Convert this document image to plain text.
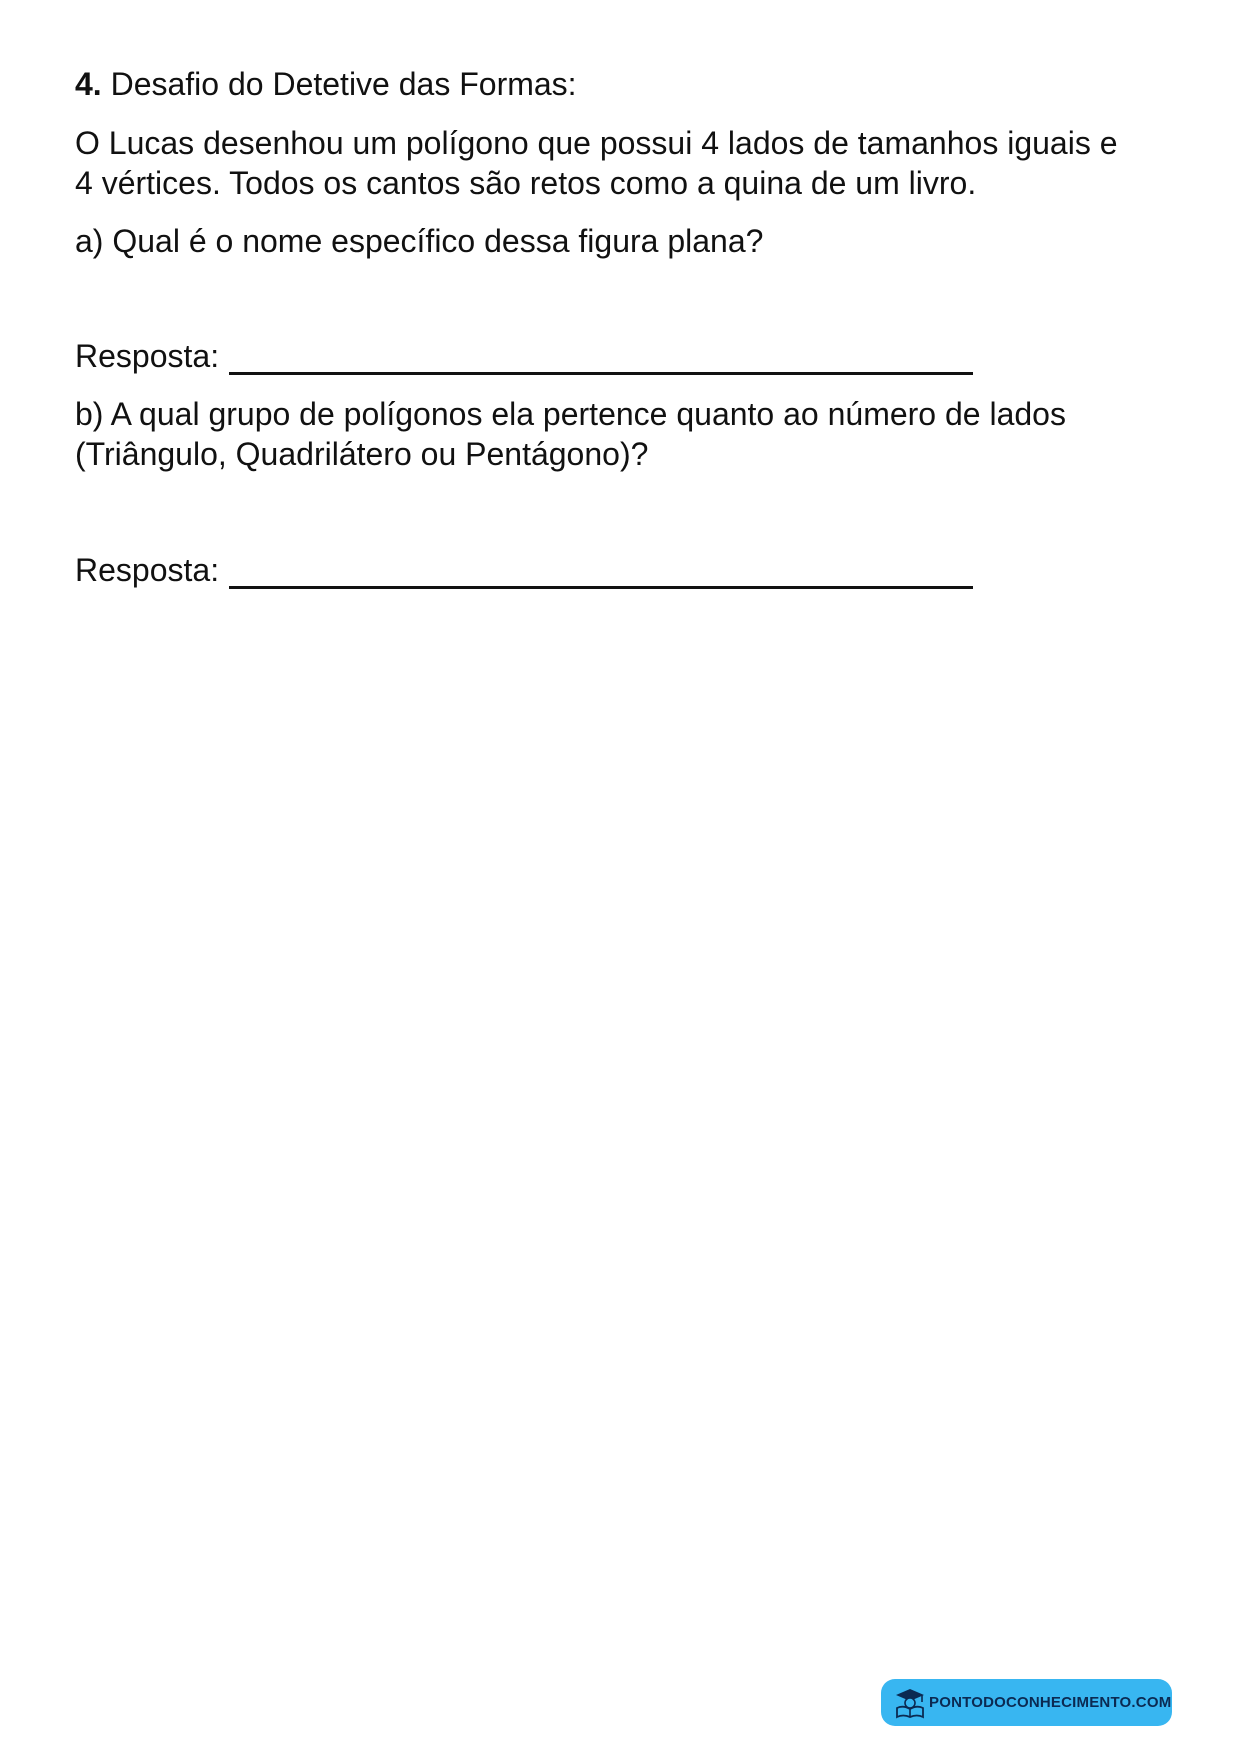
4. Desafio do Detetive das Formas:
O Lucas desenhou um polígono que possui 4 lados de tamanhos iguais e
4 vértices. Todos os cantos são retos como a quina de um livro.
a) Qual é o nome específico dessa figura plana?
Resposta:
b) A qual grupo de polígonos ela pertence quanto ao número de lados
(Triângulo, Quadrilátero ou Pentágono)?
Resposta:
PONTODOCONHECIMENTO.COM
